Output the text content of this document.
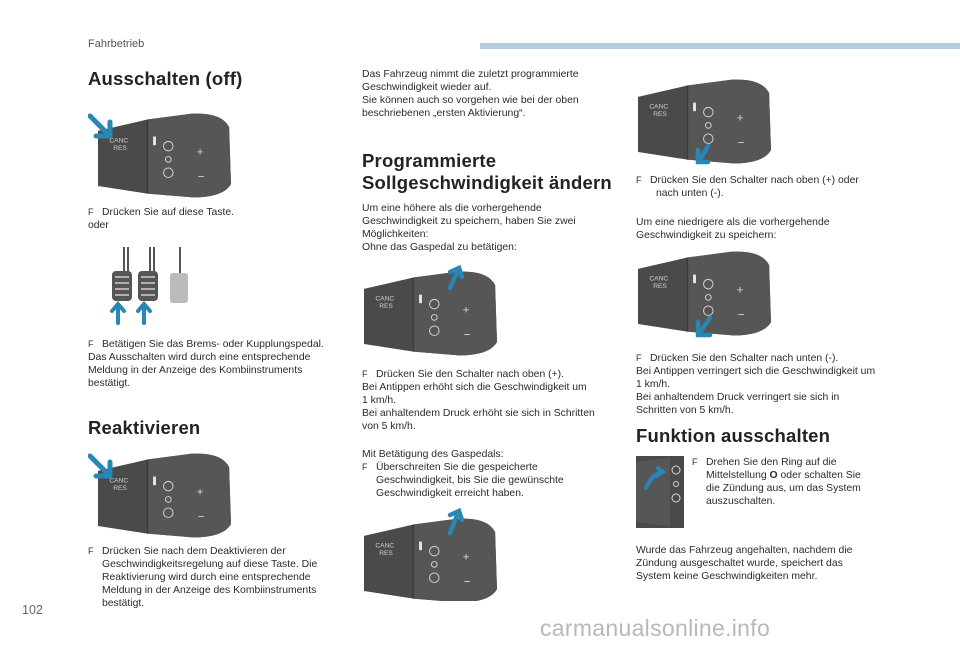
Fahrbetrieb
Ausschalten (off)

F Drücken Sie auf diese Taste.

oder

F Betätigen Sie das Brems- oder Kupplungspedal.

Das Ausschalten wird durch eine entsprechende

Meldung in der Anzeige des Kombiinstruments

bestätigt.

Reaktivieren

F Drücken Sie nach dem Deaktivieren der

Geschwindigkeitsregelung auf diese Taste. Die

Reaktivierung wird durch eine entsprechende

Meldung in der Anzeige des Kombiinstruments

bestätigt.

Das Fahrzeug nimmt die zuletzt programmierte

Geschwindigkeit wieder auf.

Sie können auch so vorgehen wie bei der oben

beschriebenen „ersten Aktivierung“.

Programmierte
Sollgeschwindigkeit ändern

Um eine höhere als die vorhergehende

Geschwindigkeit zu speichern, haben Sie zwei

Möglichkeiten:

Ohne das Gaspedal zu betätigen:

F Drücken Sie den Schalter nach oben (+).

Bei Antippen erhöht sich die Geschwindigkeit um

1 km/h.

Bei anhaltendem Druck erhöht sie sich in Schritten

von 5 km/h.

Mit Betätigung des Gaspedals:

F Überschreiten Sie die gespeicherte

Geschwindigkeit, bis Sie die gewünschte

Geschwindigkeit erreicht haben.

F Drücken Sie den Schalter nach oben (+) oder

nach unten (-).

Um eine niedrigere als die vorhergehende

Geschwindigkeit zu speichern:

F Drücken Sie den Schalter nach unten (-).

Bei Antippen verringert sich die Geschwindigkeit um

1 km/h.

Bei anhaltendem Druck verringert sie sich in

Schritten von 5 km/h.

Funktion ausschalten

F Drehen Sie den Ring auf die

Mittelstellung O oder schalten Sie

die Zündung aus, um das System

auszuschalten.

Wurde das Fahrzeug angehalten, nachdem die

Zündung ausgeschaltet wurde, speichert das

System keine Geschwindigkeiten mehr.

102
carmanualsonline.info
